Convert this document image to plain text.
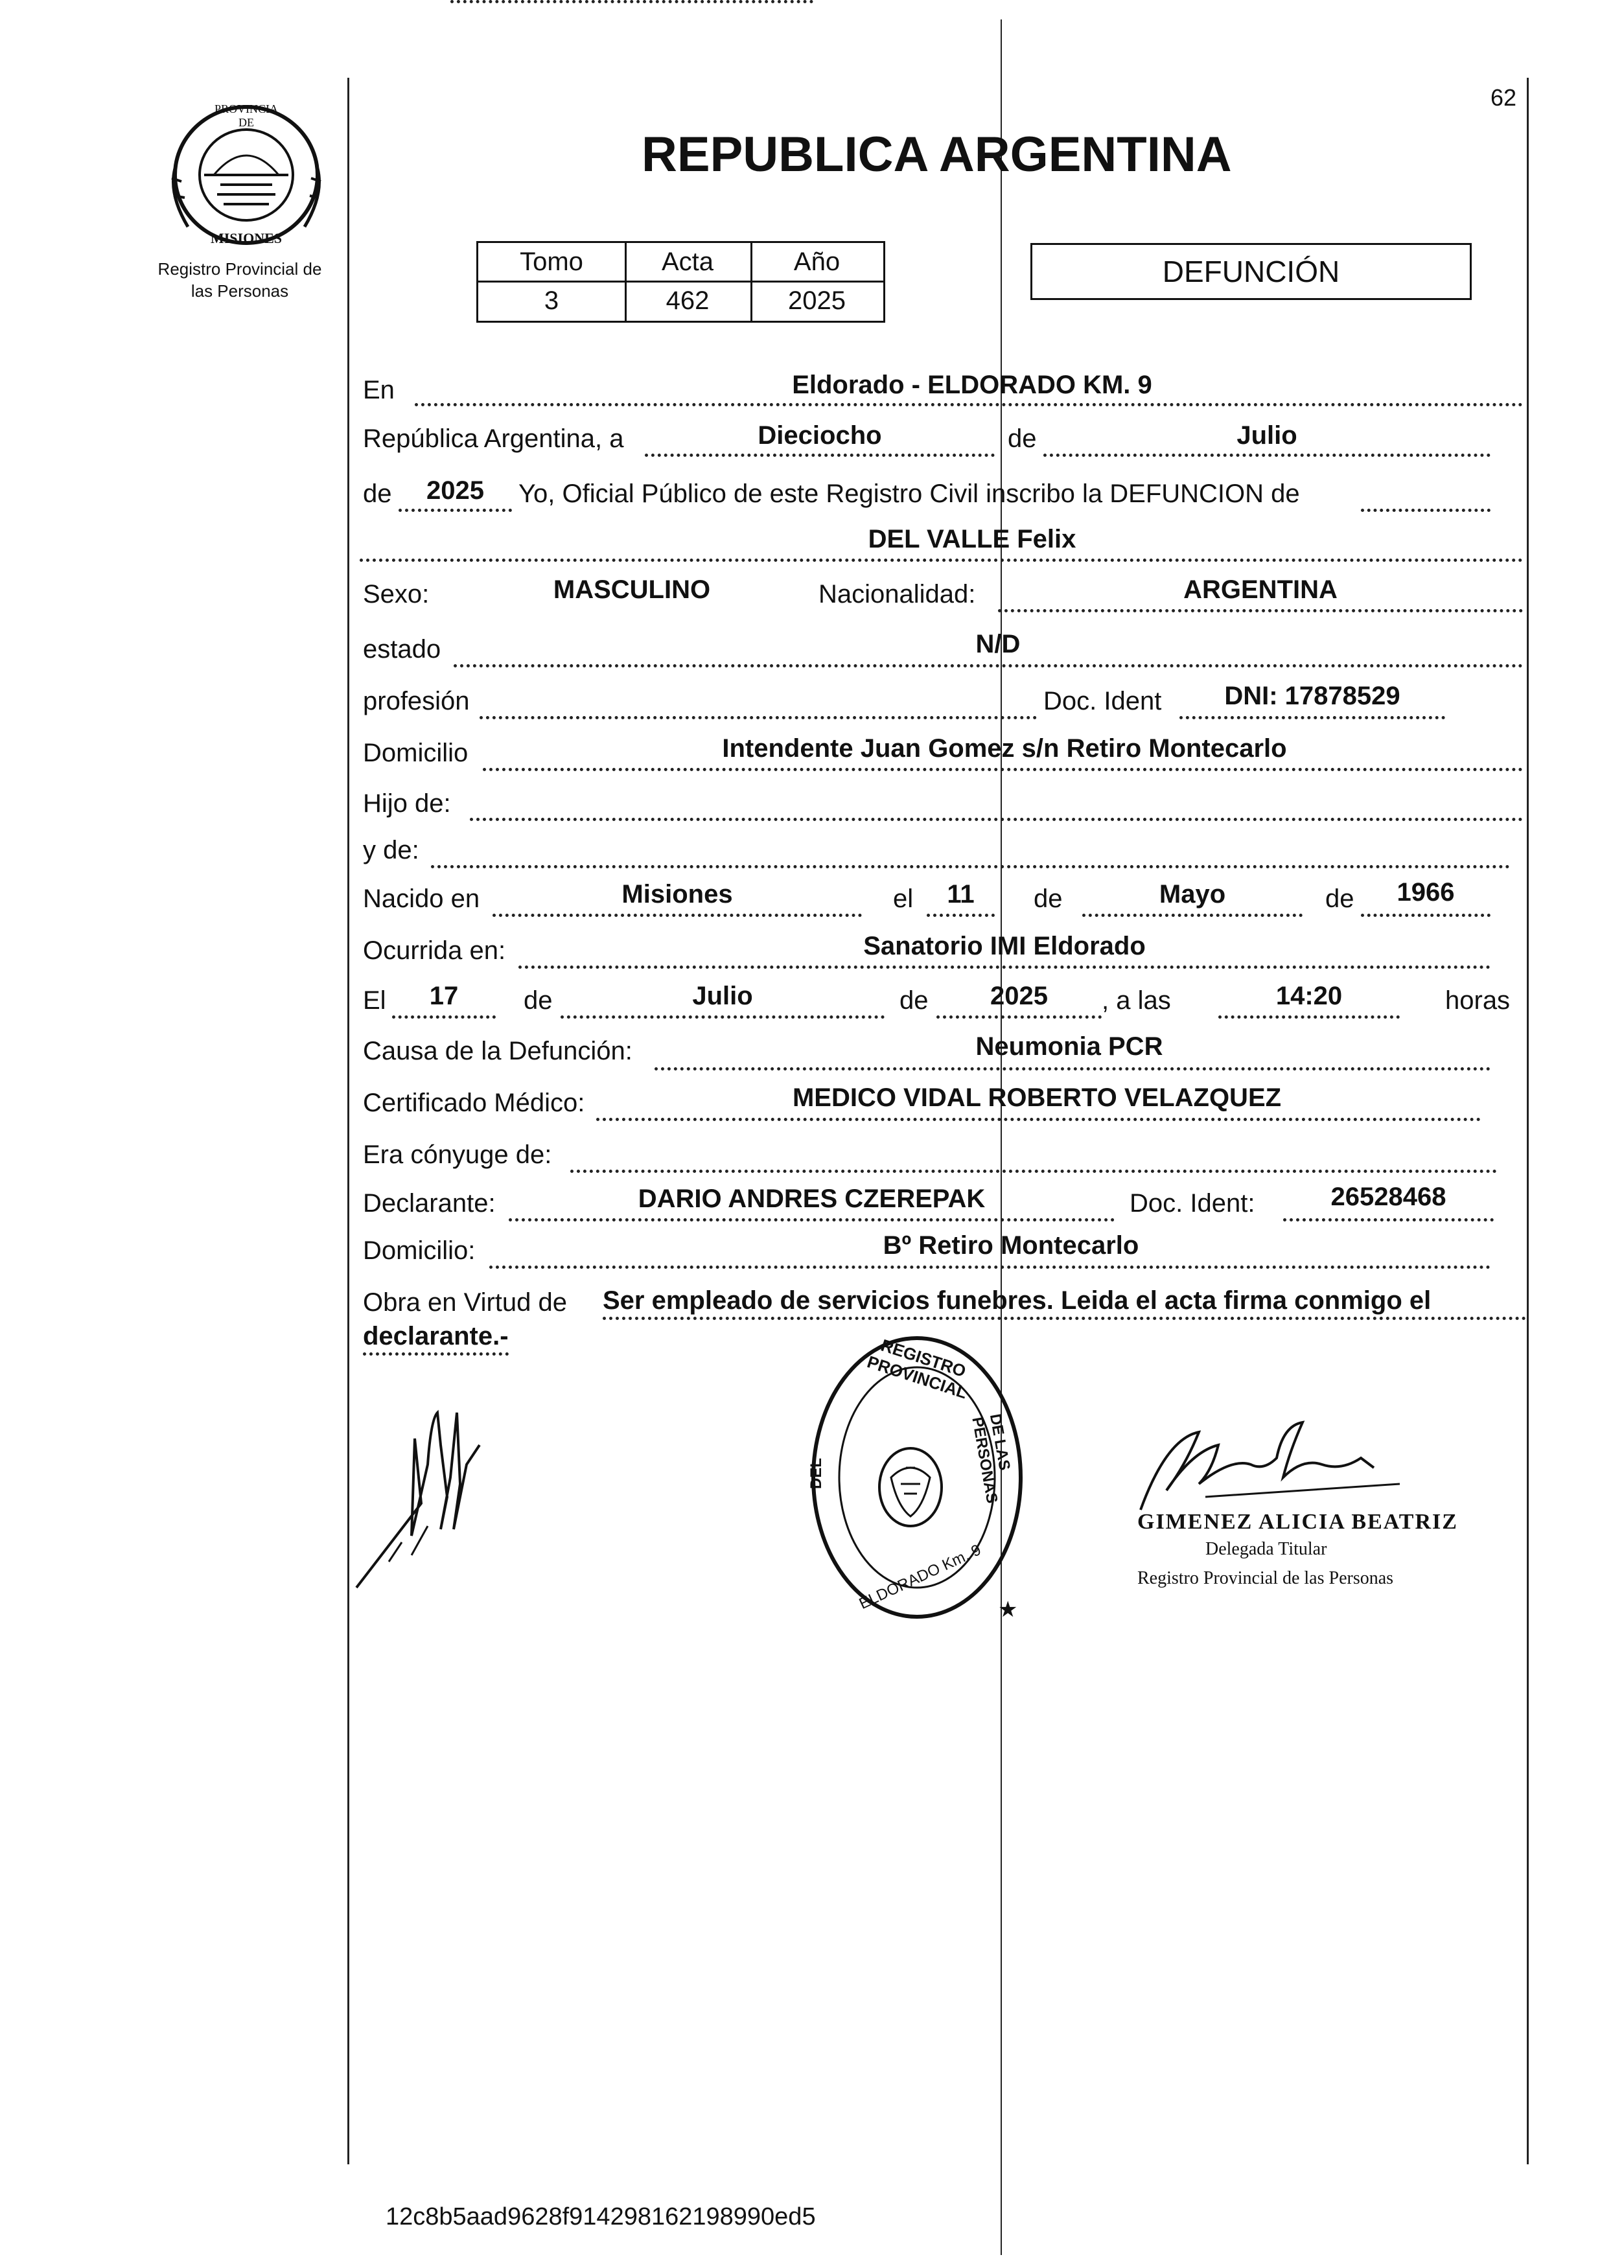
62
PROVINCIA DE
MISIONES
Registro Provincial de
las Personas
REPUBLICA ARGENTINA
Tomo	Acta	Año
3	462	2025
DEFUNCIÓN
En	Eldorado - ELDORADO KM. 9
República Argentina, a	Dieciocho	de	Julio
de	2025	Yo, Oficial Público de este Registro Civil inscribo la DEFUNCION de
DEL VALLE Felix
Sexo:	MASCULINO	Nacionalidad:	ARGENTINA
estado	N/D
profesión	Doc. Ident	DNI: 17878529
Domicilio	Intendente Juan Gomez s/n Retiro Montecarlo
Hijo de:
y de:
Nacido en	Misiones	el	11	de	Mayo	de	1966
Ocurrida en:	Sanatorio IMI Eldorado
El	17	de	Julio	de	2025	, a las	14:20	horas
Causa de la Defunción:	Neumonia PCR
Certificado Médico:	MEDICO VIDAL ROBERTO VELAZQUEZ
Era cónyuge de:
Declarante:	DARIO ANDRES CZEREPAK	Doc. Ident:	26528468
Domicilio:	Bº Retiro Montecarlo
Obra en Virtud de Ser empleado de servicios funebres. Leida el acta firma conmigo el
declarante.-
★
REGISTRO PROVINCIAL
DEL
DE LAS PERSONAS
ELDORADO Km. 9
GIMENEZ ALICIA BEATRIZ
Delegada Titular
Registro Provincial de las Personas
12c8b5aad9628f914298162198990ed5
